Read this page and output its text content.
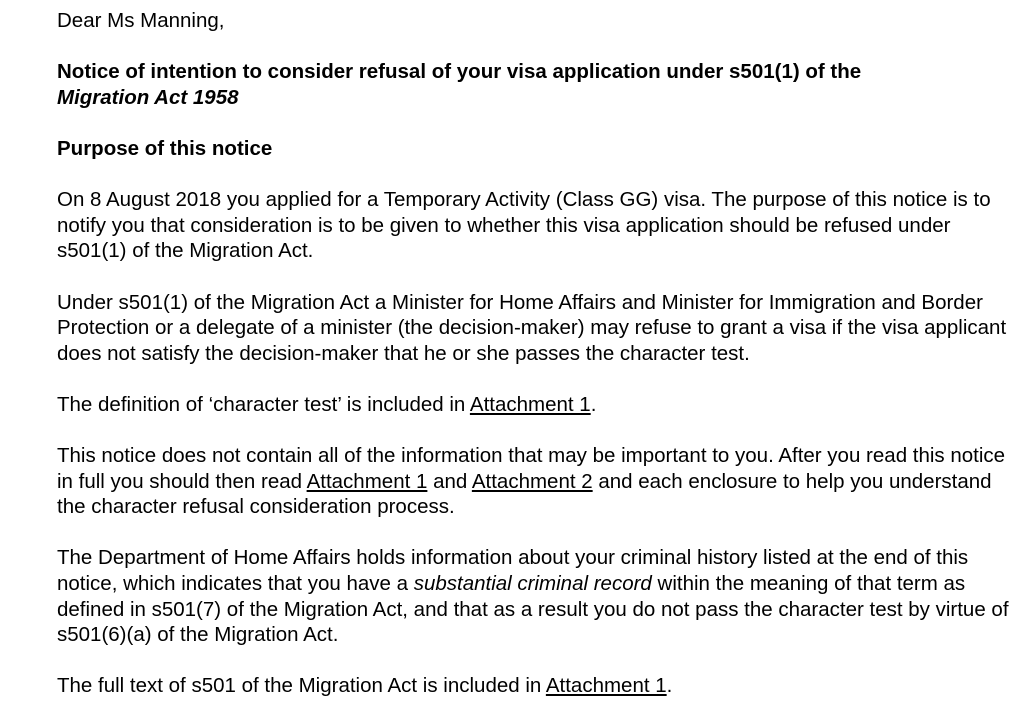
Dear Ms Manning,

Notice of intention to consider refusal of your visa application under s501(1) of the
Migration Act 1958

Purpose of this notice

On 8 August 2018 you applied for a Temporary Activity (Class GG) visa. The purpose of this notice is to notify you that consideration is to be given to whether this visa application should be refused under s501(1) of the Migration Act.

Under s501(1) of the Migration Act a Minister for Home Affairs and Minister for Immigration and Border Protection or a delegate of a minister (the decision-maker) may refuse to grant a visa if the visa applicant does not satisfy the decision-maker that he or she passes the character test.

The definition of ‘character test’ is included in Attachment 1.

This notice does not contain all of the information that may be important to you. After you read this notice in full you should then read Attachment 1 and Attachment 2 and each enclosure to help you understand the character refusal consideration process.

The Department of Home Affairs holds information about your criminal history listed at the end of this notice, which indicates that you have a substantial criminal record within the meaning of that term as defined in s501(7) of the Migration Act, and that as a result you do not pass the character test by virtue of s501(6)(a) of the Migration Act.

The full text of s501 of the Migration Act is included in Attachment 1.
